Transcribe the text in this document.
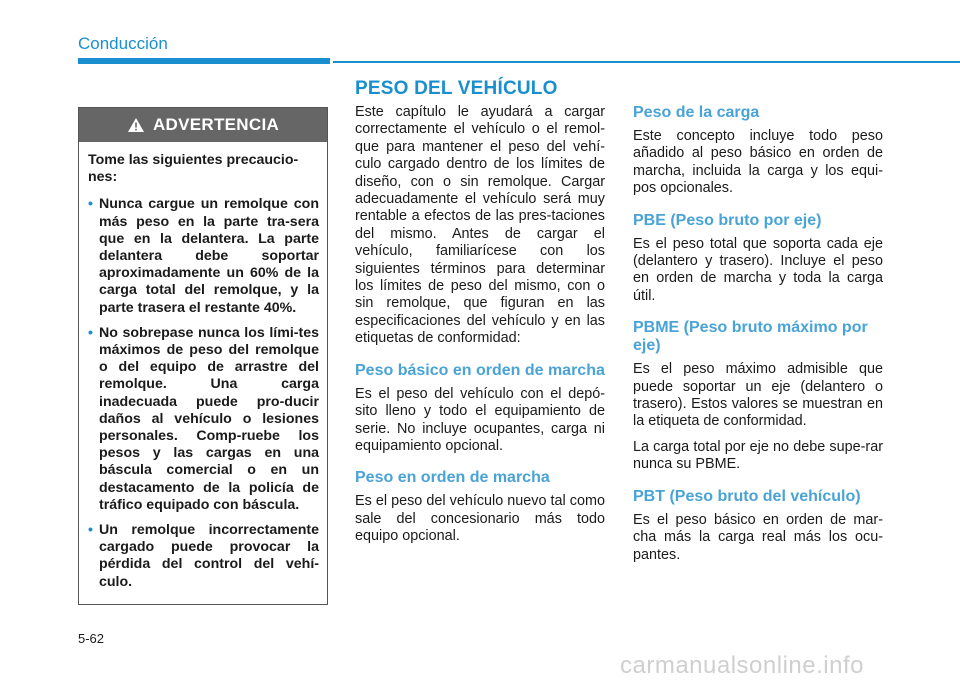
Conducción
PESO DEL VEHÍCULO
ADVERTENCIA

Tome las siguientes precaucio-nes:

• Nunca cargue un remolque con más peso en la parte tra-sera que en la delantera. La parte delantera debe soportar aproximadamente un 60% de la carga total del remolque, y la parte trasera el restante 40%.
• No sobrepase nunca los lími-tes máximos de peso del remolque o del equipo de arrastre del remolque. Una carga inadecuada puede pro-ducir daños al vehículo o lesiones personales. Comp-ruebe los pesos y las cargas en una báscula comercial o en un destacamento de la policía de tráfico equipado con báscula.
• Un remolque incorrectamente cargado puede provocar la pérdida del control del vehí-culo.

Este capítulo le ayudará a cargar correctamente el vehículo o el remol-que para mantener el peso del vehí-culo cargado dentro de los límites de diseño, con o sin remolque. Cargar adecuadamente el vehículo será muy rentable a efectos de las pres-taciones del mismo. Antes de cargar el vehículo, familiarícese con los siguientes términos para determinar los límites de peso del mismo, con o sin remolque, que figuran en las especificaciones del vehículo y en las etiquetas de conformidad:

Peso básico en orden de marcha

Es el peso del vehículo con el depó-sito lleno y todo el equipamiento de serie. No incluye ocupantes, carga ni equipamiento opcional.

Peso en orden de marcha

Es el peso del vehículo nuevo tal como sale del concesionario más todo equipo opcional.

Peso de la carga

Este concepto incluye todo peso añadido al peso básico en orden de marcha, incluida la carga y los equi-pos opcionales.

PBE (Peso bruto por eje)

Es el peso total que soporta cada eje (delantero y trasero). Incluye el peso en orden de marcha y toda la carga útil.

PBME (Peso bruto máximo por eje)

Es el peso máximo admisible que puede soportar un eje (delantero o trasero). Estos valores se muestran en la etiqueta de conformidad.

La carga total por eje no debe supe-rar nunca su PBME.

PBT (Peso bruto del vehículo)

Es el peso básico en orden de mar-cha más la carga real más los ocu-pantes.

5-62
carmanualsonline.info
